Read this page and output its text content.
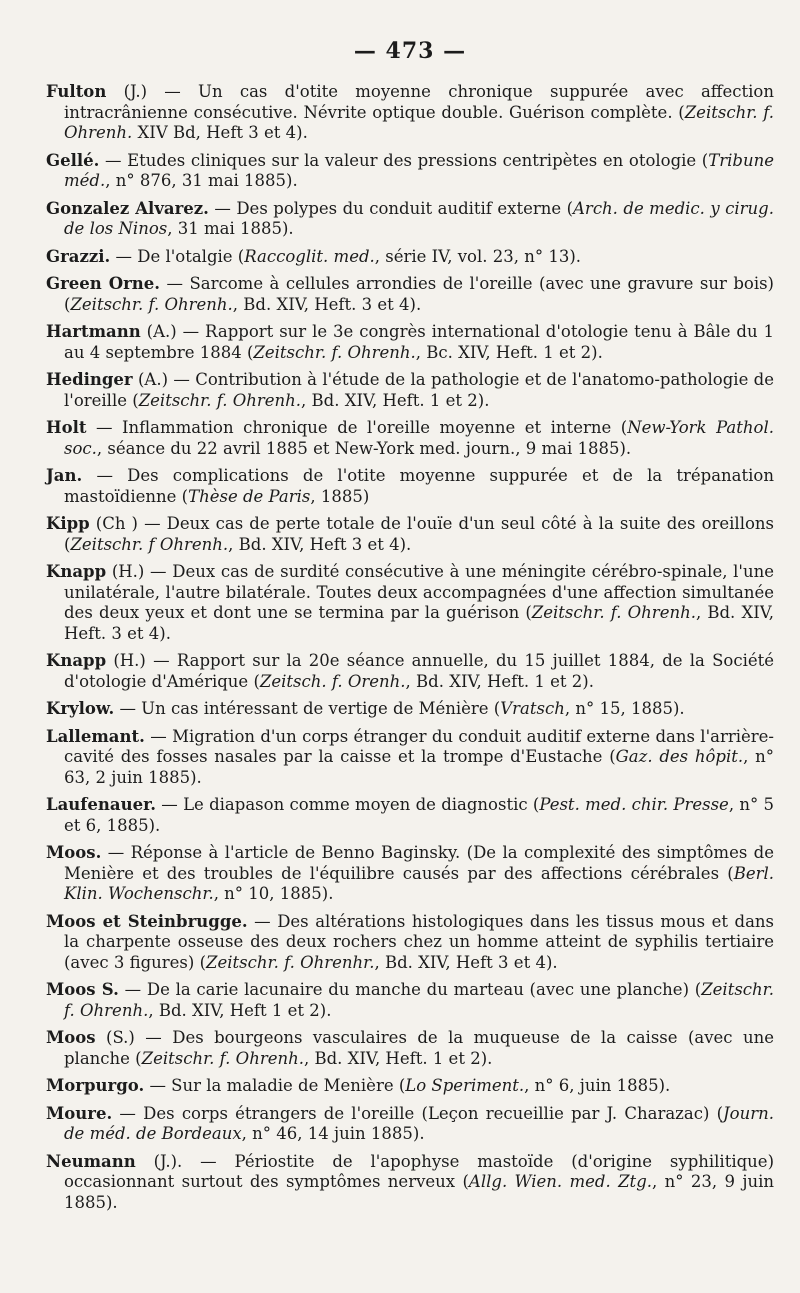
— 473 —

Fulton (J.) — Un cas d'otite moyenne chronique suppurée avec affection intracrânienne consécutive. Névrite optique double. Guérison complète. (Zeitschr. f. Ohrenh. XIV Bd, Heft 3 et 4).

Gellé. — Etudes cliniques sur la valeur des pressions centripètes en otologie (Tribune méd., n° 876, 31 mai 1885).

Gonzalez Alvarez. — Des polypes du conduit auditif externe (Arch. de medic. y cirug. de los Ninos, 31 mai 1885).

Grazzi. — De l'otalgie (Raccoglit. med., série IV, vol. 23, n° 13).

Green Orne. — Sarcome à cellules arrondies de l'oreille (avec une gravure sur bois) (Zeitschr. f. Ohrenh., Bd. XIV, Heft. 3 et 4).

Hartmann (A.) — Rapport sur le 3e congrès international d'otologie tenu à Bâle du 1 au 4 septembre 1884 (Zeitschr. f. Ohrenh., Bc. XIV, Heft. 1 et 2).

Hedinger (A.) — Contribution à l'étude de la pathologie et de l'anatomo-pathologie de l'oreille (Zeitschr. f. Ohrenh., Bd. XIV, Heft. 1 et 2).

Holt — Inflammation chronique de l'oreille moyenne et interne (New-York Pathol. soc., séance du 22 avril 1885 et New-York med. journ., 9 mai 1885).

Jan. — Des complications de l'otite moyenne suppurée et de la trépanation mastoïdienne (Thèse de Paris, 1885)

Kipp (Ch ) — Deux cas de perte totale de l'ouïe d'un seul côté à la suite des oreillons (Zeitschr. f Ohrenh., Bd. XIV, Heft 3 et 4).

Knapp (H.) — Deux cas de surdité consécutive à une méningite cérébro-spinale, l'une unilatérale, l'autre bilatérale. Toutes deux accompagnées d'une affection simultanée des deux yeux et dont une se termina par la guérison (Zeitschr. f. Ohrenh., Bd. XIV, Heft. 3 et 4).

Knapp (H.) — Rapport sur la 20e séance annuelle, du 15 juillet 1884, de la Société d'otologie d'Amérique (Zeitsch. f. Orenh., Bd. XIV, Heft. 1 et 2).

Krylow. — Un cas intéressant de vertige de Ménière (Vratsch, n° 15, 1885).

Lallemant. — Migration d'un corps étranger du conduit auditif externe dans l'arrière-cavité des fosses nasales par la caisse et la trompe d'Eustache (Gaz. des hôpit., n° 63, 2 juin 1885).

Laufenauer. — Le diapason comme moyen de diagnostic (Pest. med. chir. Presse, n° 5 et 6, 1885).

Moos. — Réponse à l'article de Benno Baginsky. (De la complexité des simptômes de Menière et des troubles de l'équilibre causés par des affections cérébrales (Berl. Klin. Wochenschr., n° 10, 1885).

Moos et Steinbrugge. — Des altérations histologiques dans les tissus mous et dans la charpente osseuse des deux rochers chez un homme atteint de syphilis tertiaire (avec 3 figures) (Zeitschr. f. Ohrenhr., Bd. XIV, Heft 3 et 4).

Moos S. — De la carie lacunaire du manche du marteau (avec une planche) (Zeitschr. f. Ohrenh., Bd. XIV, Heft 1 et 2).

Moos (S.) — Des bourgeons vasculaires de la muqueuse de la caisse (avec une planche (Zeitschr. f. Ohrenh., Bd. XIV, Heft. 1 et 2).

Morpurgo. — Sur la maladie de Menière (Lo Speriment., n° 6, juin 1885).

Moure. — Des corps étrangers de l'oreille (Leçon recueillie par J. Charazac) (Journ. de méd. de Bordeaux, n° 46, 14 juin 1885).

Neumann (J.). — Périostite de l'apophyse mastoïde (d'origine syphilitique) occasionnant surtout des symptômes nerveux (Allg. Wien. med. Ztg., n° 23, 9 juin 1885).
